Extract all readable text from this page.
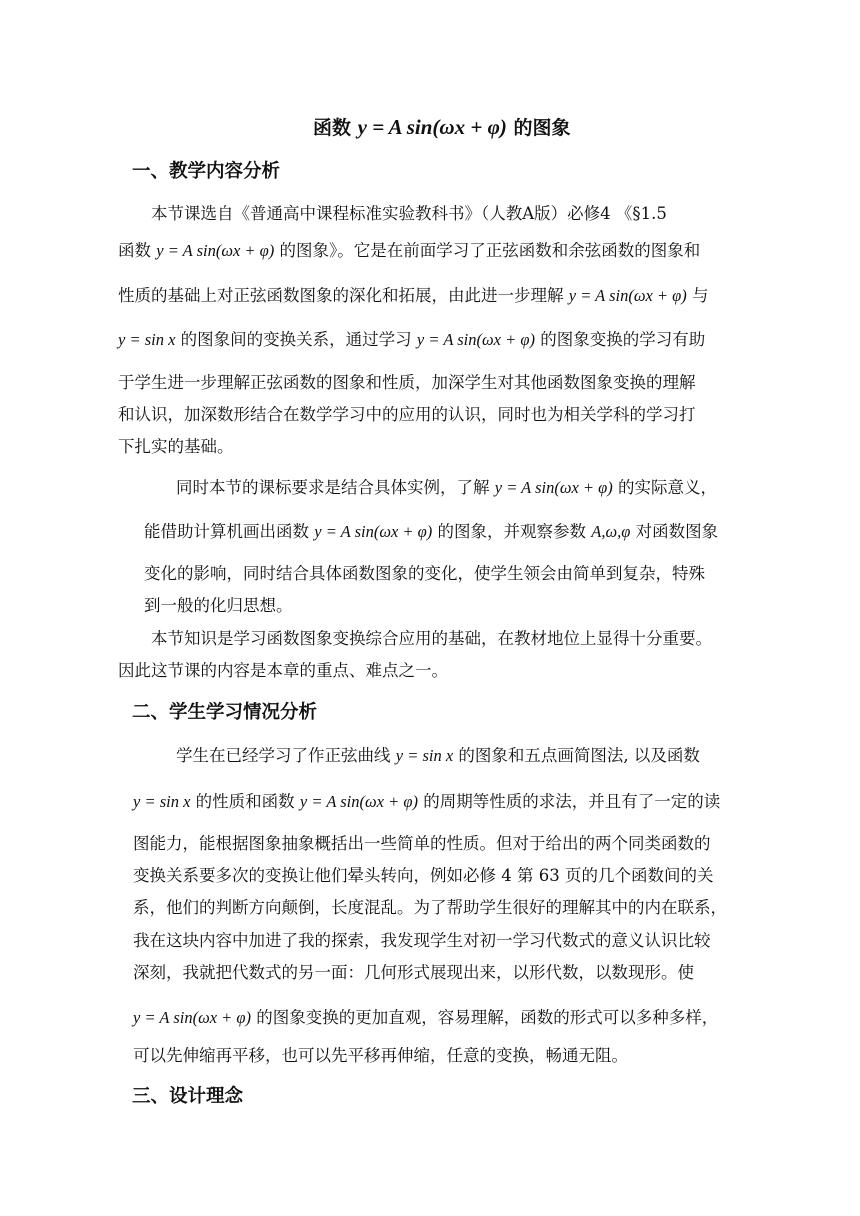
函数 y = A sin(ωx + φ) 的图象
一、教学内容分析
本节课选自《普通高中课程标准实验教科书》（人教A版）必修4 《§1.5
函数 y = A sin(ωx + φ) 的图象》。它是在前面学习了正弦函数和余弦函数的图象和
性质的基础上对正弦函数图象的深化和拓展，由此进一步理解 y = A sin(ωx + φ) 与
y = sin x 的图象间的变换关系，通过学习 y = A sin(ωx + φ) 的图象变换的学习有助
于学生进一步理解正弦函数的图象和性质，加深学生对其他函数图象变换的理解
和认识，加深数形结合在数学学习中的应用的认识，同时也为相关学科的学习打
下扎实的基础。
同时本节的课标要求是结合具体实例，了解 y = A sin(ωx + φ) 的实际意义，
能借助计算机画出函数 y = A sin(ωx + φ) 的图象，并观察参数 A,ω,φ 对函数图象
变化的影响，同时结合具体函数图象的变化，使学生领会由简单到复杂，特殊
到一般的化归思想。
本节知识是学习函数图象变换综合应用的基础，在教材地位上显得十分重要。
因此这节课的内容是本章的重点、难点之一。
二、学生学习情况分析
学生在已经学习了作正弦曲线 y = sin x 的图象和五点画简图法, 以及函数
y = sin x 的性质和函数 y = A sin(ωx + φ) 的周期等性质的求法，并且有了一定的读
图能力，能根据图象抽象概括出一些简单的性质。但对于给出的两个同类函数的
变换关系要多次的变换让他们晕头转向，例如必修 4 第 63 页的几个函数间的关
系，他们的判断方向颠倒，长度混乱。为了帮助学生很好的理解其中的内在联系，
我在这块内容中加进了我的探索，我发现学生对初一学习代数式的意义认识比较
深刻，我就把代数式的另一面：几何形式展现出来，以形代数，以数现形。使
y = A sin(ωx + φ) 的图象变换的更加直观，容易理解，函数的形式可以多种多样，
可以先伸缩再平移，也可以先平移再伸缩，任意的变换，畅通无阻。
三、设计理念
